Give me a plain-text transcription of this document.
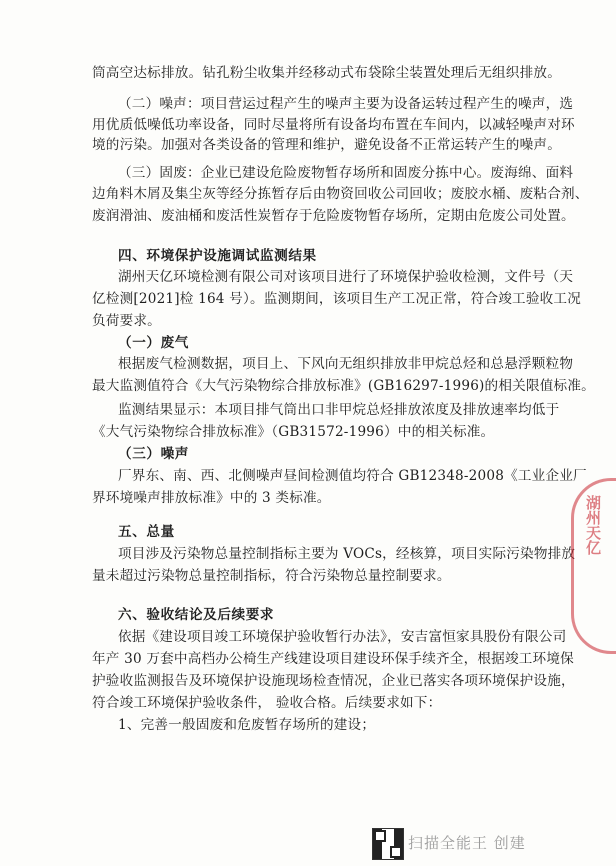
筒高空达标排放。钻孔粉尘收集并经移动式布袋除尘装置处理后无组织排放。
（二）噪声：项目营运过程产生的噪声主要为设备运转过程产生的噪声，选
用优质低噪低功率设备，同时尽量将所有设备均布置在车间内，以减轻噪声对环
境的污染。加强对各类设备的管理和维护，避免设备不正常运转产生的噪声。
（三）固废：企业已建设危险废物暂存场所和固废分拣中心。废海绵、面料
边角料木屑及集尘灰等经分拣暂存后由物资回收公司回收；废胶水桶、废粘合剂、
废润滑油、废油桶和废活性炭暂存于危险废物暂存场所，定期由危废公司处置。
四、环境保护设施调试监测结果
湖州天亿环境检测有限公司对该项目进行了环境保护验收检测，文件号（天
亿检测[2021]检 164 号）。监测期间，该项目生产工况正常，符合竣工验收工况
负荷要求。
（一）废气
根据废气检测数据，项目上、下风向无组织排放非甲烷总烃和总悬浮颗粒物
最大监测值符合《大气污染物综合排放标准》(GB16297-1996)的相关限值标准。
监测结果显示：本项目排气筒出口非甲烷总烃排放浓度及排放速率均低于
《大气污染物综合排放标准》（GB31572-1996）中的相关标准。
（三）噪声
厂界东、南、西、北侧噪声昼间检测值均符合 GB12348-2008《工业企业厂
界环境噪声排放标准》中的 3 类标准。
五、总量
项目涉及污染物总量控制指标主要为 VOCs，经核算，项目实际污染物排放
量未超过污染物总量控制指标，符合污染物总量控制要求。
六、验收结论及后续要求
依据《建设项目竣工环境保护验收暂行办法》，安吉富恒家具股份有限公司
年产 30 万套中高档办公椅生产线建设项目建设环保手续齐全，根据竣工环境保
护验收监测报告及环境保护设施现场检查情况，企业已落实各项环境保护设施，
符合竣工环境保护验收条件， 验收合格。后续要求如下：
1、完善一般固废和危废暂存场所的建设；
湖州天亿
扫描全能王 创建
